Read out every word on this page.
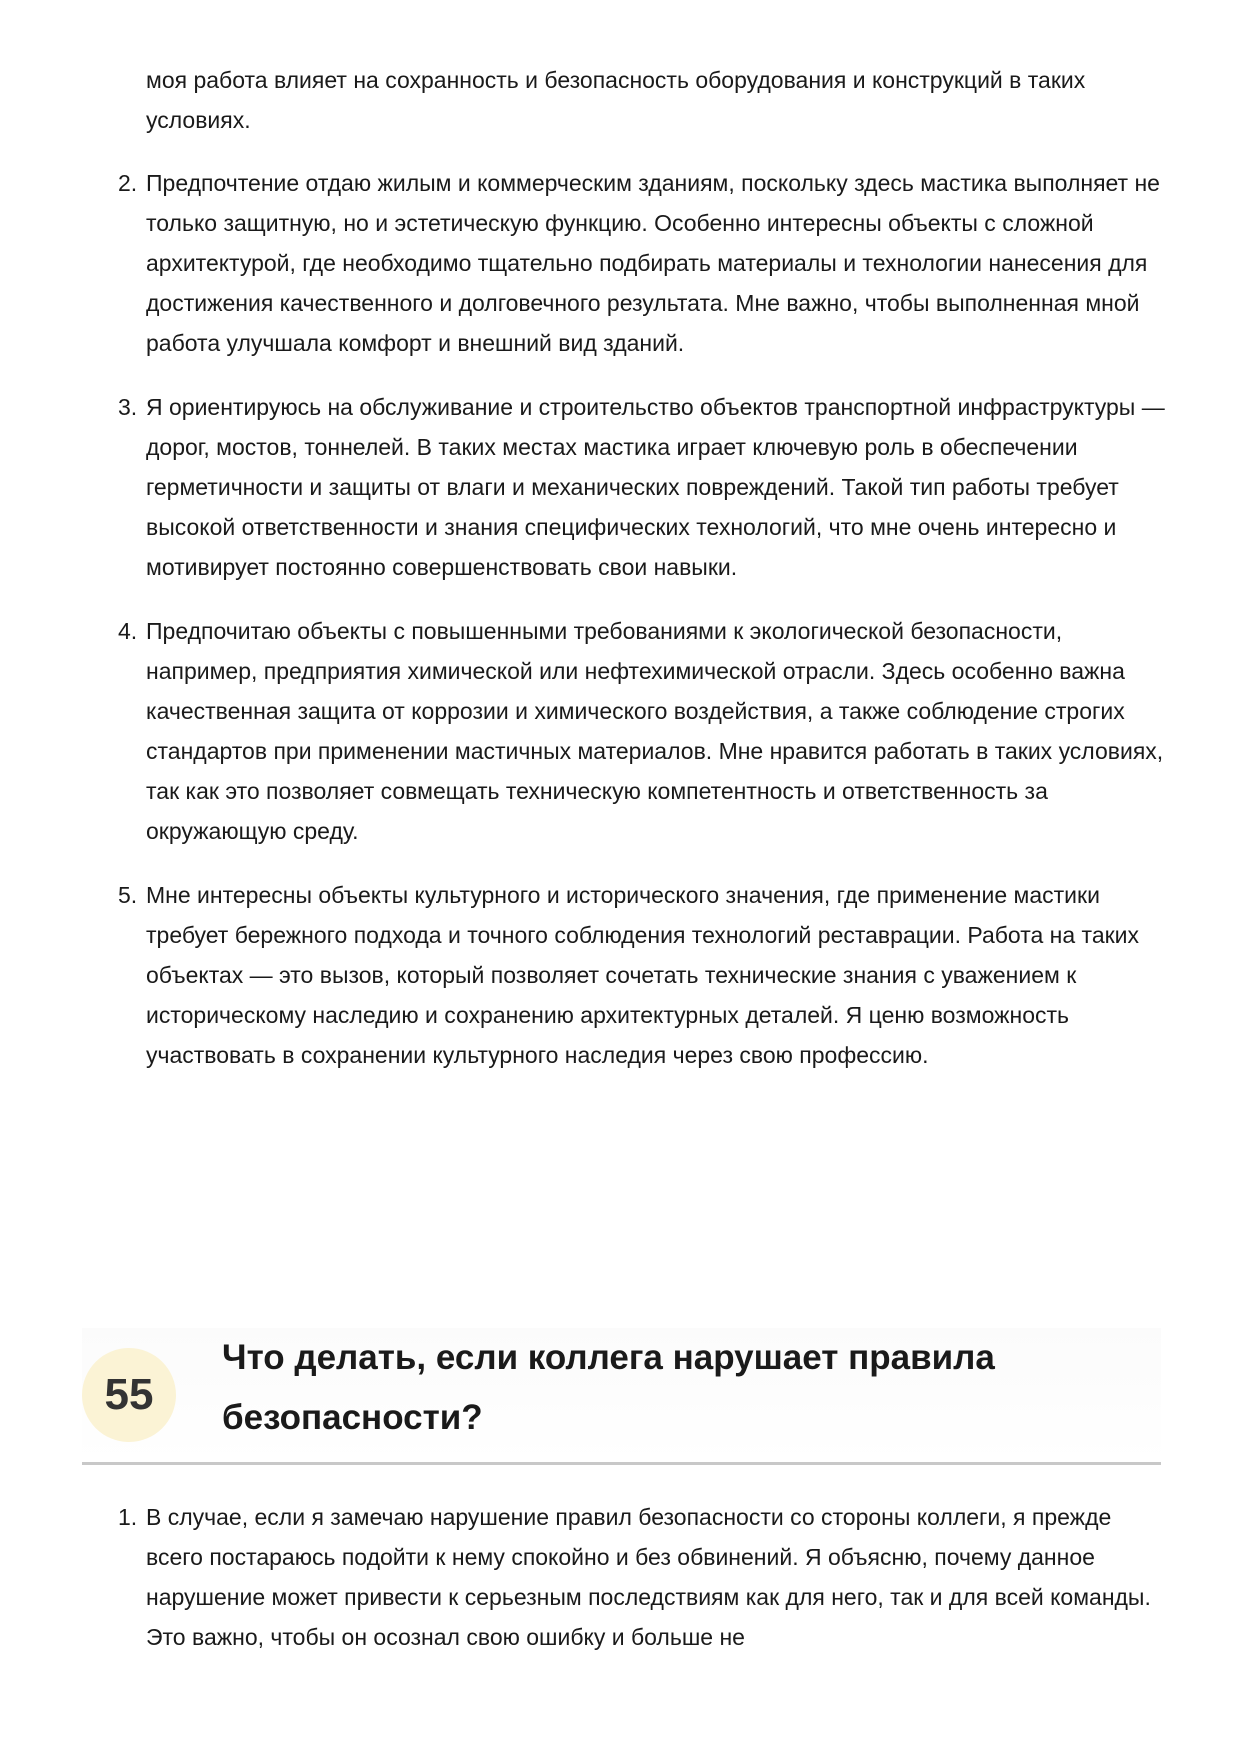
моя работа влияет на сохранность и безопасность оборудования и конструкций в таких условиях.

2. Предпочтение отдаю жилым и коммерческим зданиям, поскольку здесь мастика выполняет не только защитную, но и эстетическую функцию. Особенно интересны объекты с сложной архитектурой, где необходимо тщательно подбирать материалы и технологии нанесения для достижения качественного и долговечного результата. Мне важно, чтобы выполненная мной работа улучшала комфорт и внешний вид зданий.
3. Я ориентируюсь на обслуживание и строительство объектов транспортной инфраструктуры — дорог, мостов, тоннелей. В таких местах мастика играет ключевую роль в обеспечении герметичности и защиты от влаги и механических повреждений. Такой тип работы требует высокой ответственности и знания специфических технологий, что мне очень интересно и мотивирует постоянно совершенствовать свои навыки.
4. Предпочитаю объекты с повышенными требованиями к экологической безопасности, например, предприятия химической или нефтехимической отрасли. Здесь особенно важна качественная защита от коррозии и химического воздействия, а также соблюдение строгих стандартов при применении мастичных материалов. Мне нравится работать в таких условиях, так как это позволяет совмещать техническую компетентность и ответственность за окружающую среду.
5. Мне интересны объекты культурного и исторического значения, где применение мастики требует бережного подхода и точного соблюдения технологий реставрации. Работа на таких объектах — это вызов, который позволяет сочетать технические знания с уважением к историческому наследию и сохранению архитектурных деталей. Я ценю возможность участвовать в сохранении культурного наследия через свою профессию.
55
Что делать, если коллега нарушает правила безопасности?
1. В случае, если я замечаю нарушение правил безопасности со стороны коллеги, я прежде всего постараюсь подойти к нему спокойно и без обвинений. Я объясню, почему данное нарушение может привести к серьезным последствиям как для него, так и для всей команды. Это важно, чтобы он осознал свою ошибку и больше не
